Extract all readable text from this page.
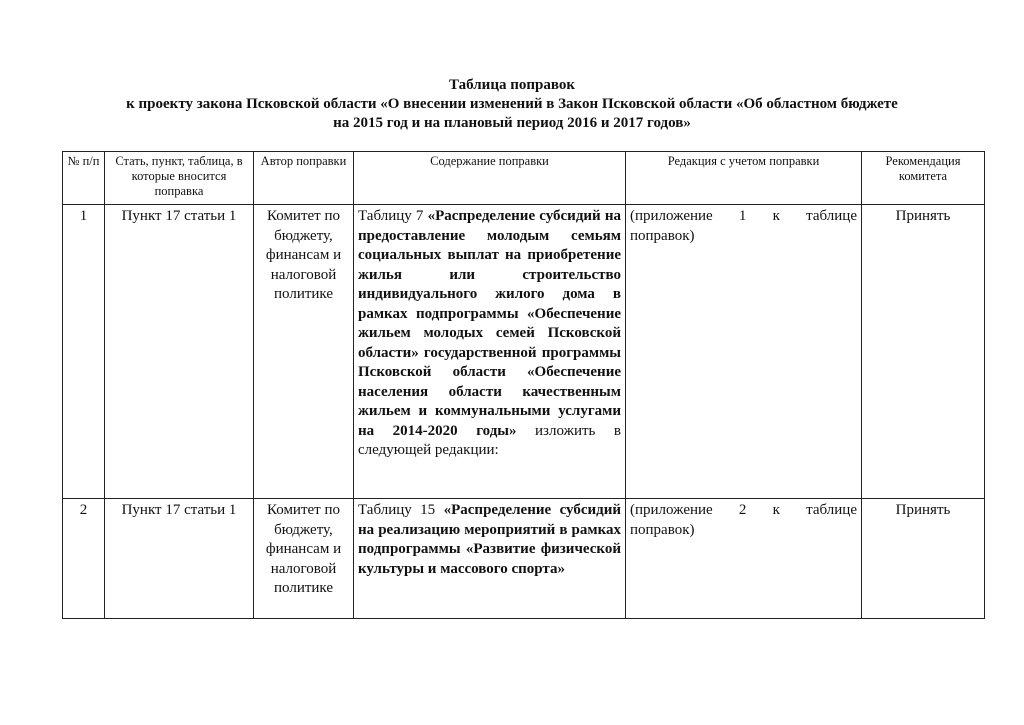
Таблица поправок
к проекту закона Псковской области «О внесении изменений в Закон Псковской области «Об областном бюджете
на 2015 год и на плановый период 2016 и 2017 годов»
№ п/п	Стать, пункт, таблица, в которые вносится поправка	Автор поправки	Содержание поправки	Редакция с учетом поправки	Рекомендация комитета
1	Пункт 17 статьи 1	Комитет по бюджету, финансам и налоговой политике	Таблицу 7 «Распределение субсидий на предоставление молодым семьям социальных выплат на приобретение жилья или строительство индивидуального жилого дома в рамках подпрограммы «Обеспечение жильем молодых семей Псковской области» государственной программы Псковской области «Обеспечение населения области качественным жильем и коммунальными услугами на 2014-2020 годы» изложить в следующей редакции:	(приложение 1 к таблице поправок)	Принять
2	Пункт 17 статьи 1	Комитет по бюджету, финансам и налоговой политике	Таблицу 15 «Распределение субсидий на реализацию мероприятий в рамках подпрограммы «Развитие физической культуры и массового спорта»	(приложение 2 к таблице поправок)	Принять
